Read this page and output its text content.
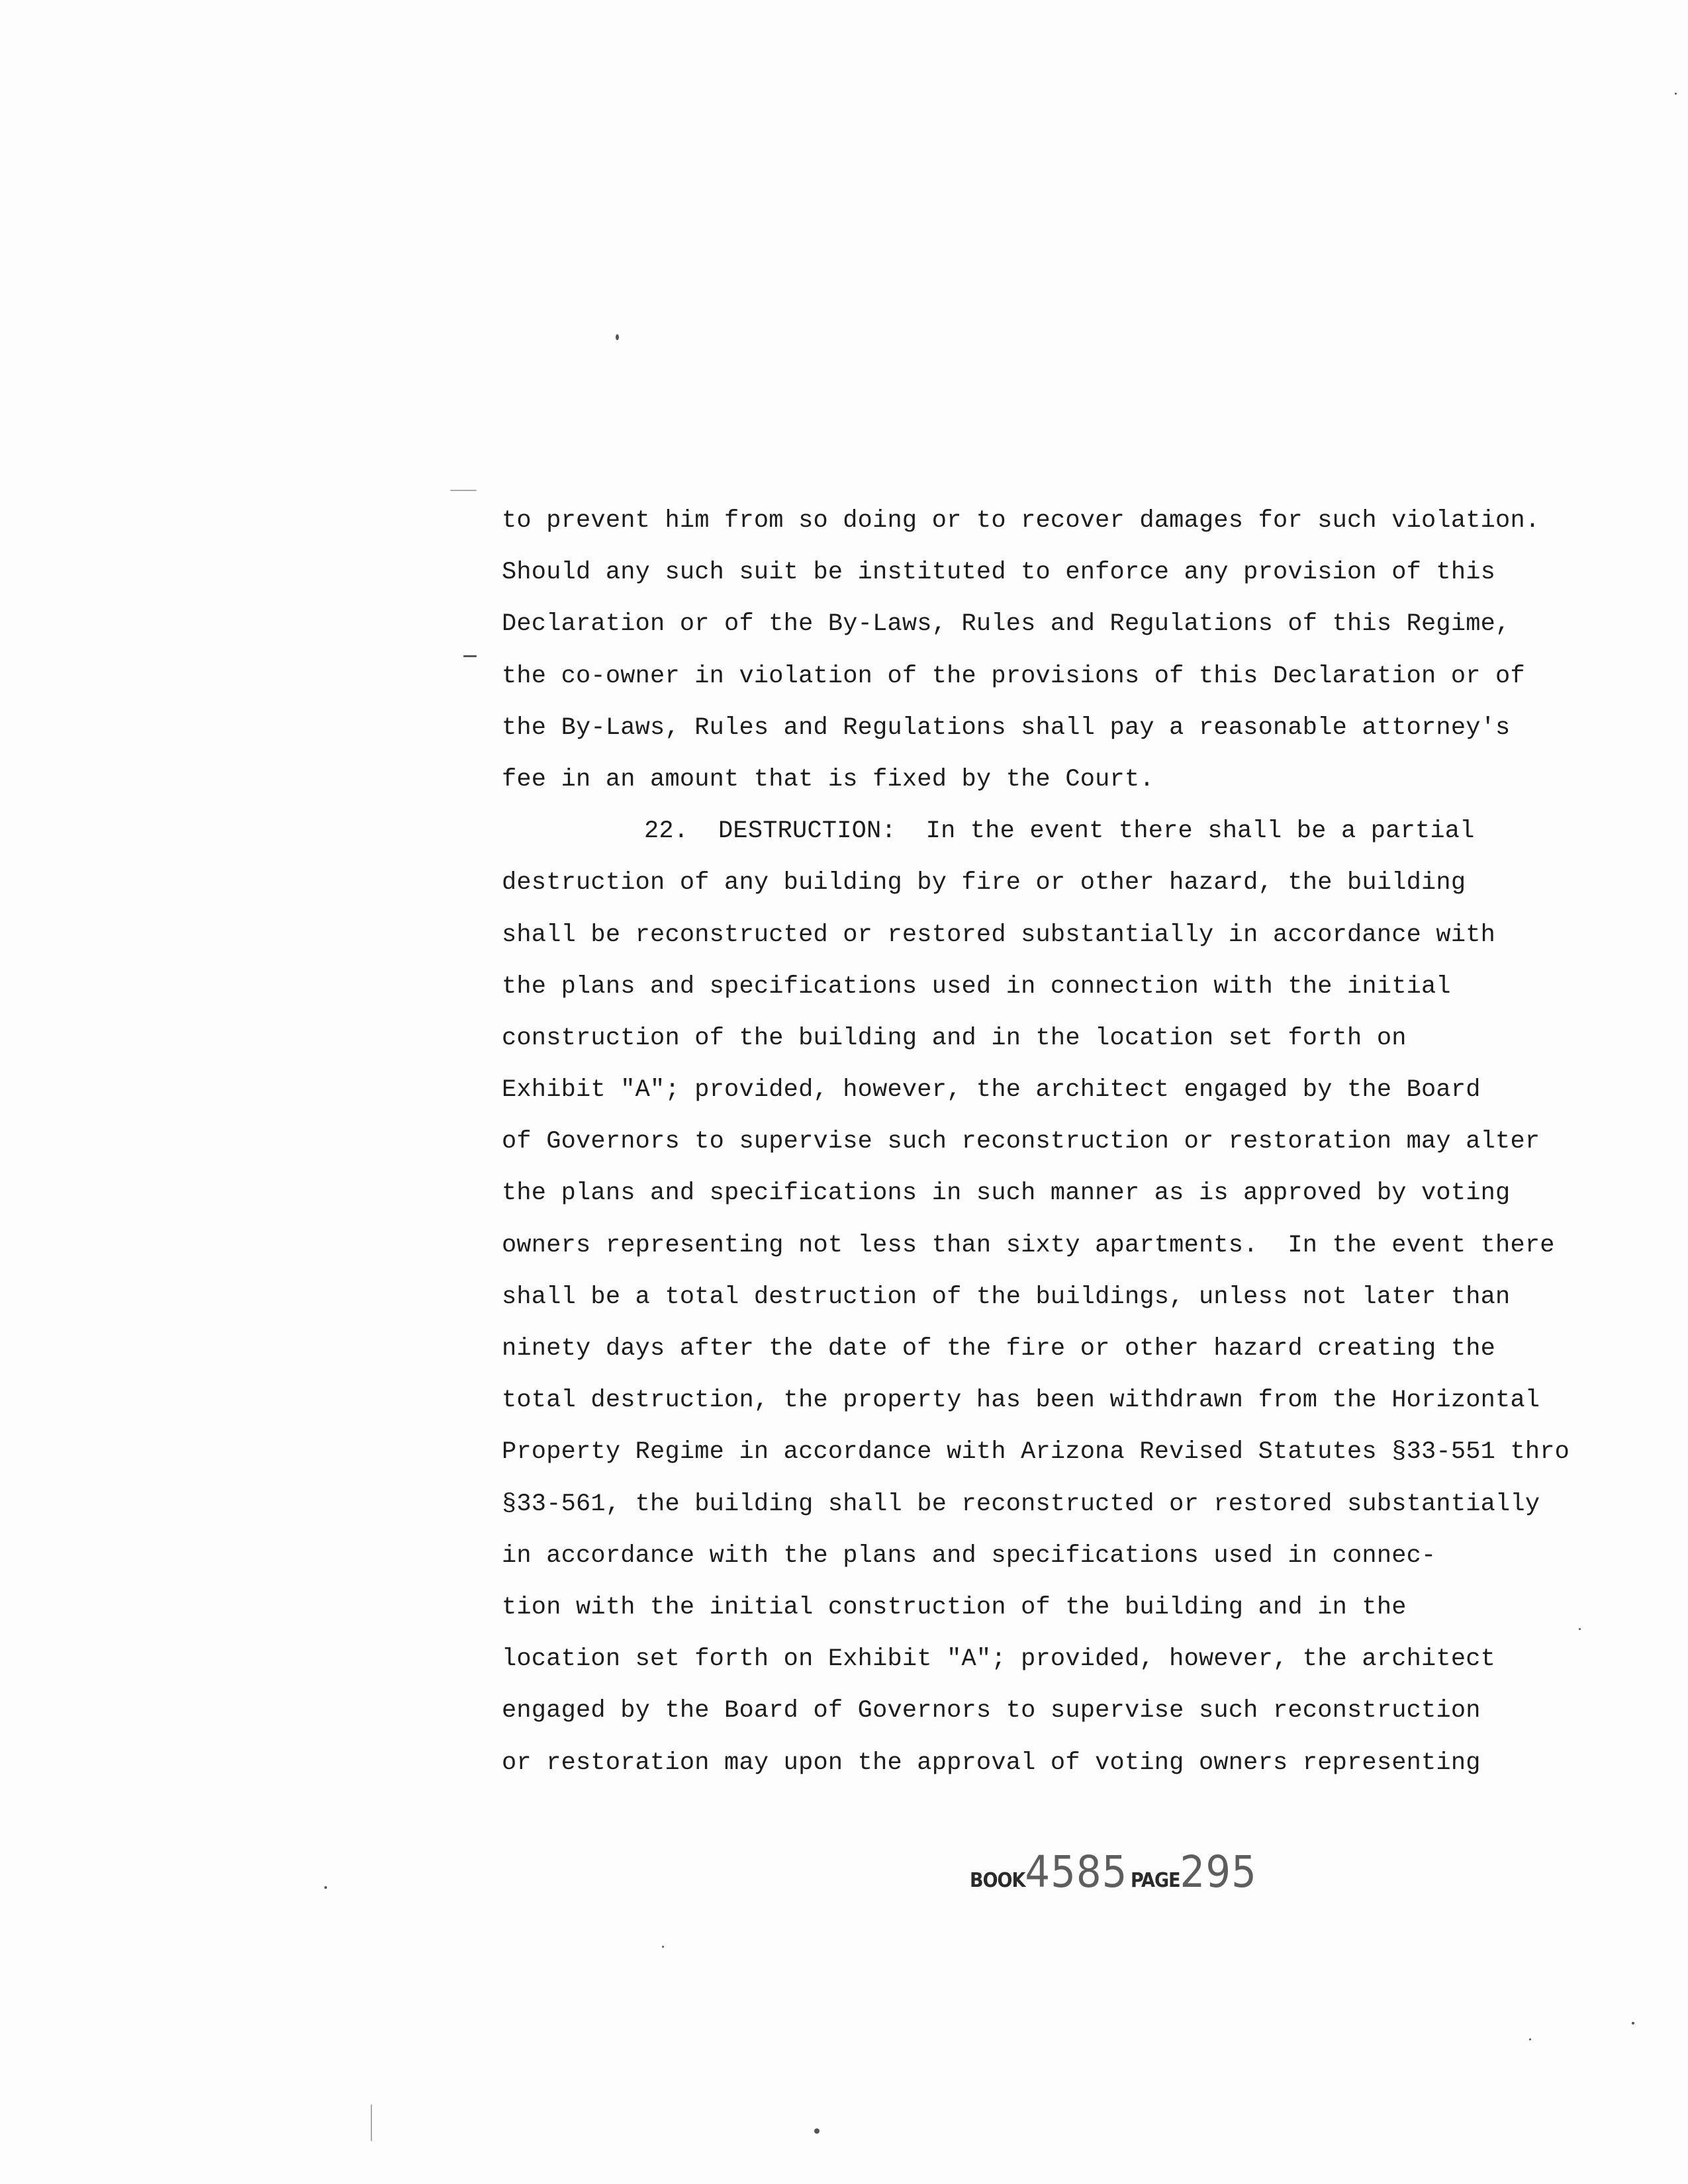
to prevent him from so doing or to recover damages for such violation.
Should any such suit be instituted to enforce any provision of this
Declaration or of the By-Laws, Rules and Regulations of this Regime,
the co-owner in violation of the provisions of this Declaration or of
the By-Laws, Rules and Regulations shall pay a reasonable attorney's
fee in an amount that is fixed by the Court.
22.  DESTRUCTION:  In the event there shall be a partial
destruction of any building by fire or other hazard, the building
shall be reconstructed or restored substantially in accordance with
the plans and specifications used in connection with the initial
construction of the building and in the location set forth on
Exhibit "A"; provided, however, the architect engaged by the Board
of Governors to supervise such reconstruction or restoration may alter
the plans and specifications in such manner as is approved by voting
owners representing not less than sixty apartments.  In the event there
shall be a total destruction of the buildings, unless not later than
ninety days after the date of the fire or other hazard creating the
total destruction, the property has been withdrawn from the Horizontal
Property Regime in accordance with Arizona Revised Statutes §33-551 thro
§33-561, the building shall be reconstructed or restored substantially
in accordance with the plans and specifications used in connec-
tion with the initial construction of the building and in the
location set forth on Exhibit "A"; provided, however, the architect
engaged by the Board of Governors to supervise such reconstruction
or restoration may upon the approval of voting owners representing
BOOK4585 PAGE295
